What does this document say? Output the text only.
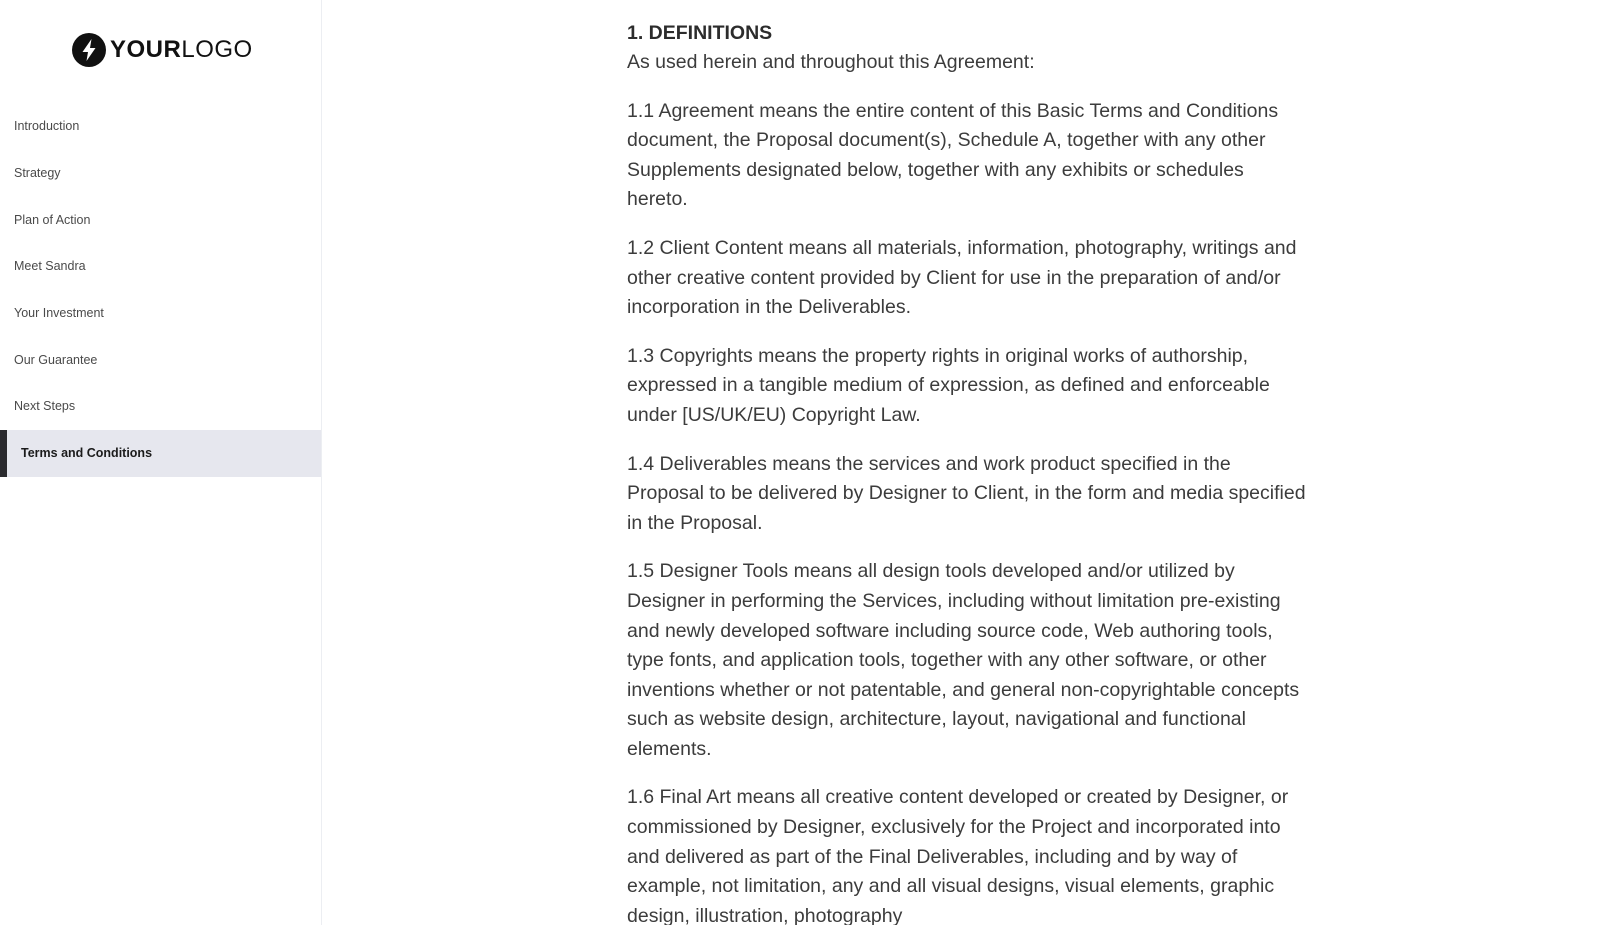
YOURLOGO
Introduction
Strategy
Plan of Action
Meet Sandra
Your Investment
Our Guarantee
Next Steps
Terms and Conditions
1. DEFINITIONS

As used herein and throughout this Agreement:

1.1 Agreement means the entire content of this Basic Terms and Conditions document, the Proposal document(s), Schedule A, together with any other Supplements designated below, together with any exhibits or schedules hereto.

1.2 Client Content means all materials, information, photography, writings and other creative content provided by Client for use in the preparation of and/or incorporation in the Deliverables.

1.3 Copyrights means the property rights in original works of authorship, expressed in a tangible medium of expression, as defined and enforceable under [US/UK/EU) Copyright Law.

1.4 Deliverables means the services and work product specified in the Proposal to be delivered by Designer to Client, in the form and media specified in the Proposal.

1.5 Designer Tools means all design tools developed and/or utilized by Designer in performing the Services, including without limitation pre-existing and newly developed software including source code, Web authoring tools, type fonts, and application tools, together with any other software, or other inventions whether or not patentable, and general non-copyrightable concepts such as website design, architecture, layout, navigational and functional elements.

1.6 Final Art means all creative content developed or created by Designer, or commissioned by Designer, exclusively for the Project and incorporated into and delivered as part of the Final Deliverables, including and by way of example, not limitation, any and all visual designs, visual elements, graphic design, illustration, photography
